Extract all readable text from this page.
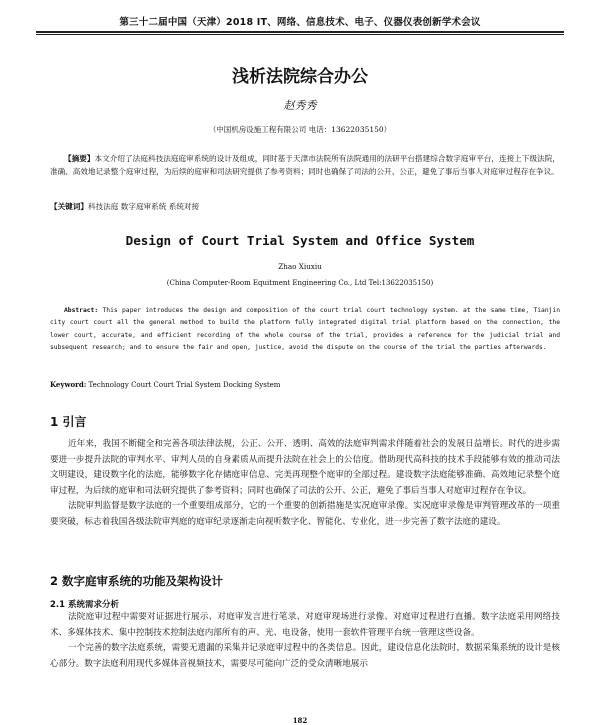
第三十二届中国（天津）2018 IT、网络、信息技术、电子、仪器仪表创新学术会议
浅析法院综合办公
赵秀秀
（中国机房设施工程有限公司 电话：13622035150）
【摘要】本文介绍了法庭科技法庭庭审系统的设计及组成，同时基于天津市法院所有法院通用的法研平台搭建综合数字庭审平台，连接上下级法院，准确、高效地记录整个庭审过程，为后续的庭审和司法研究提供了参考资料；同时也确保了司法的公开、公正，避免了事后当事人对庭审过程存在争议。
【关键词】科技法庭 数字庭审系统 系统对接
Design of Court Trial System and Office System
Zhao Xiuxiu
(China Computer-Room Equitment Engineering Co., Ltd Tel:13622035150)
Abstract: This paper introduces the design and composition of the court trial court technology system. at the same time, Tianjin city court court all the general method to build the platform fully integrated digital trial platform based on the connection, the lower court, accurate, and efficient recording of the whole course of the trial, provides a reference for the judicial trial and subsequent research; and to ensure the fair and open, justice, avoid the dispute on the course of the trial the parties afterwards.
Keyword: Technology Court Court Trial System Docking System
1 引言

近年来，我国不断健全和完善各项法律法规，公正、公开、透明、高效的法庭审判需求伴随着社会的发展日益增长。时代的进步需要进一步提升法院的审判水平、审判人员的自身素质从而提升法院在社会上的公信度。借助现代高科技的技术手段能够有效的推动司法文明建设，建设数字化的法庭，能够数字化存储庭审信息、完美再现整个庭审的全部过程。建设数字法庭能够准确、高效地记录整个庭审过程，为后续的庭审和司法研究提供了参考资料；同时也确保了司法的公开、公正，避免了事后当事人对庭审过程存在争议。

法院审判监督是数字法庭的一个重要组成部分，它的一个重要的创新措施是实况庭审录像。实况庭审录像是审判管理改革的一项重要突破，标志着我国各级法院审判庭的庭审纪录逐渐走向视听数字化、智能化、专业化，进一步完善了数字法庭的建设。

2 数字庭审系统的功能及架构设计
2.1 系统需求分析

法院庭审过程中需要对证据进行展示、对庭审发言进行笔录、对庭审现场进行录像、对庭审过程进行直播。数字法庭采用网络技术、多媒体技术、集中控制技术控制法庭内部所有的声、光、电设备，使用一套软件管理平台统一管理这些设备。

一个完善的数字法庭系统，需要无遗漏的采集并记录庭审过程中的各类信息。因此，建设信息化法院时，数据采集系统的设计是核心部分。数字法庭利用现代多媒体音视频技术，需要尽可能向广泛的受众清晰地展示

182
